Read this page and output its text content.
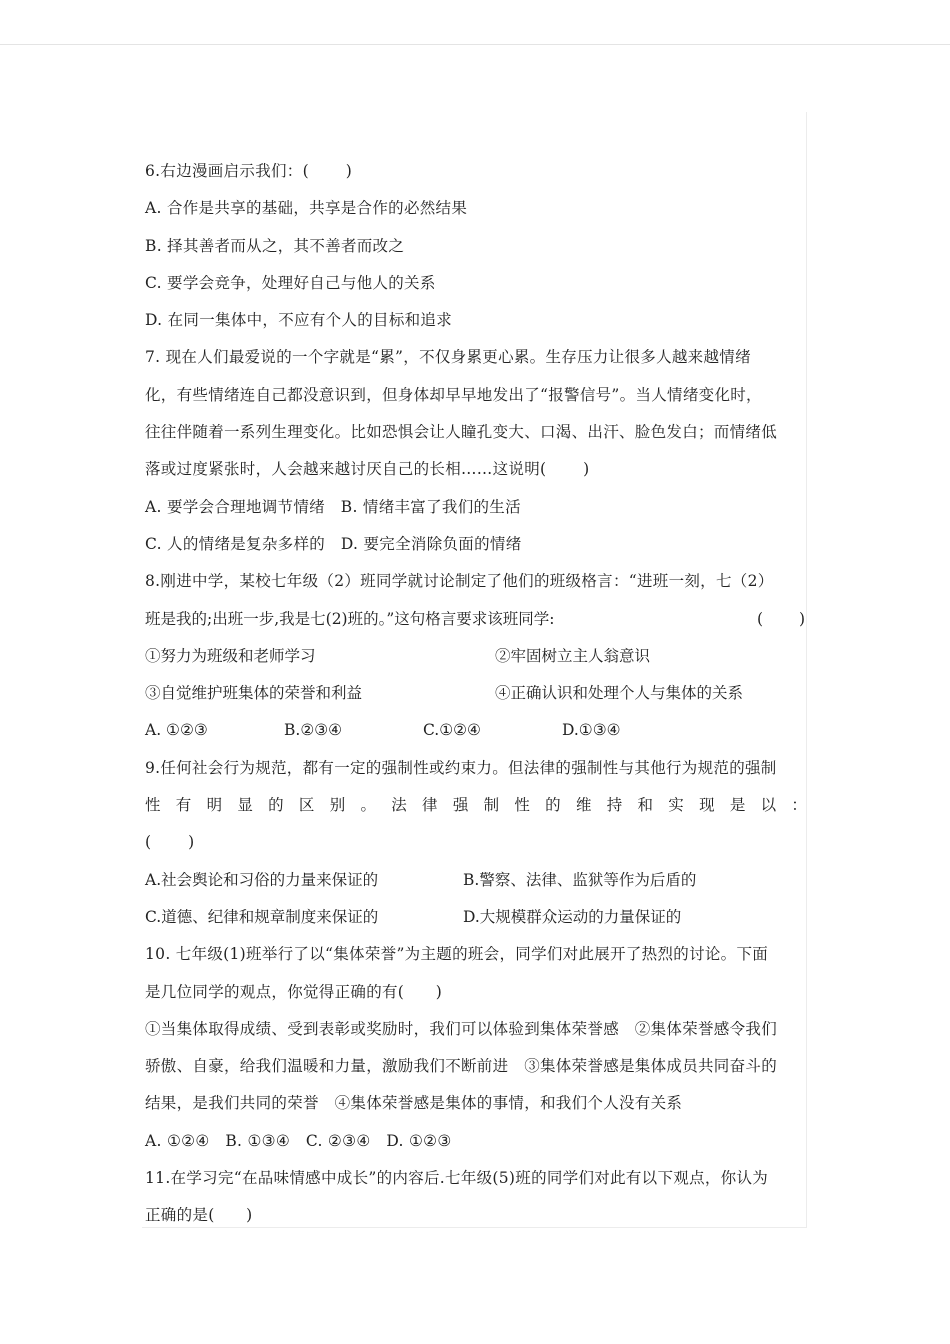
6.右边漫画启示我们：(　　 )
A. 合作是共享的基础，共享是合作的必然结果
B. 择其善者而从之，其不善者而改之
C. 要学会竞争，处理好自己与他人的关系
D. 在同一集体中，不应有个人的目标和追求
7. 现在人们最爱说的一个字就是“累”，不仅身累更心累。生存压力让很多人越来越情绪
化，有些情绪连自己都没意识到，但身体却早早地发出了“报警信号”。当人情绪变化时，
往往伴随着一系列生理变化。比如恐惧会让人瞳孔变大、口渴、出汗、脸色发白；而情绪低
落或过度紧张时，人会越来越讨厌自己的长相……这说明(　　 )
A. 要学会合理地调节情绪　B. 情绪丰富了我们的生活
C. 人的情绪是复杂多样的　D. 要完全消除负面的情绪
8.刚进中学，某校七年级（2）班同学就讨论制定了他们的班级格言：“进班一刻，七（2）
班是我的;出班一步,我是七(2)班的。”这句格言要求该班同学:	(　　 )
①努力为班级和老师学习	②牢固树立主人翁意识
③自觉维护班集体的荣誉和利益	④正确认识和处理个人与集体的关系
A. ①②③	B.②③④	C.①②④	D.①③④
9.任何社会行为规范，都有一定的强制性或约束力。但法律的强制性与其他行为规范的强制
性 有 明 显 的 区 别 。 法 律 强 制 性 的 维 持 和 实 现 是 以 ：
(　　 )
A.社会舆论和习俗的力量来保证的	B.警察、法律、监狱等作为后盾的
C.道德、纪律和规章制度来保证的	D.大规模群众运动的力量保证的
10. 七年级(1)班举行了以“集体荣誉”为主题的班会，同学们对此展开了热烈的讨论。下面
是几位同学的观点，你觉得正确的有(　　)
①当集体取得成绩、受到表彰或奖励时，我们可以体验到集体荣誉感　②集体荣誉感令我们
骄傲、自豪，给我们温暖和力量，激励我们不断前进　③集体荣誉感是集体成员共同奋斗的
结果，是我们共同的荣誉　④集体荣誉感是集体的事情，和我们个人没有关系
A. ①②④　B. ①③④　C. ②③④　D. ①②③
11.在学习完“在品味情感中成长”的内容后.七年级(5)班的同学们对此有以下观点，你认为
正确的是(　　)
